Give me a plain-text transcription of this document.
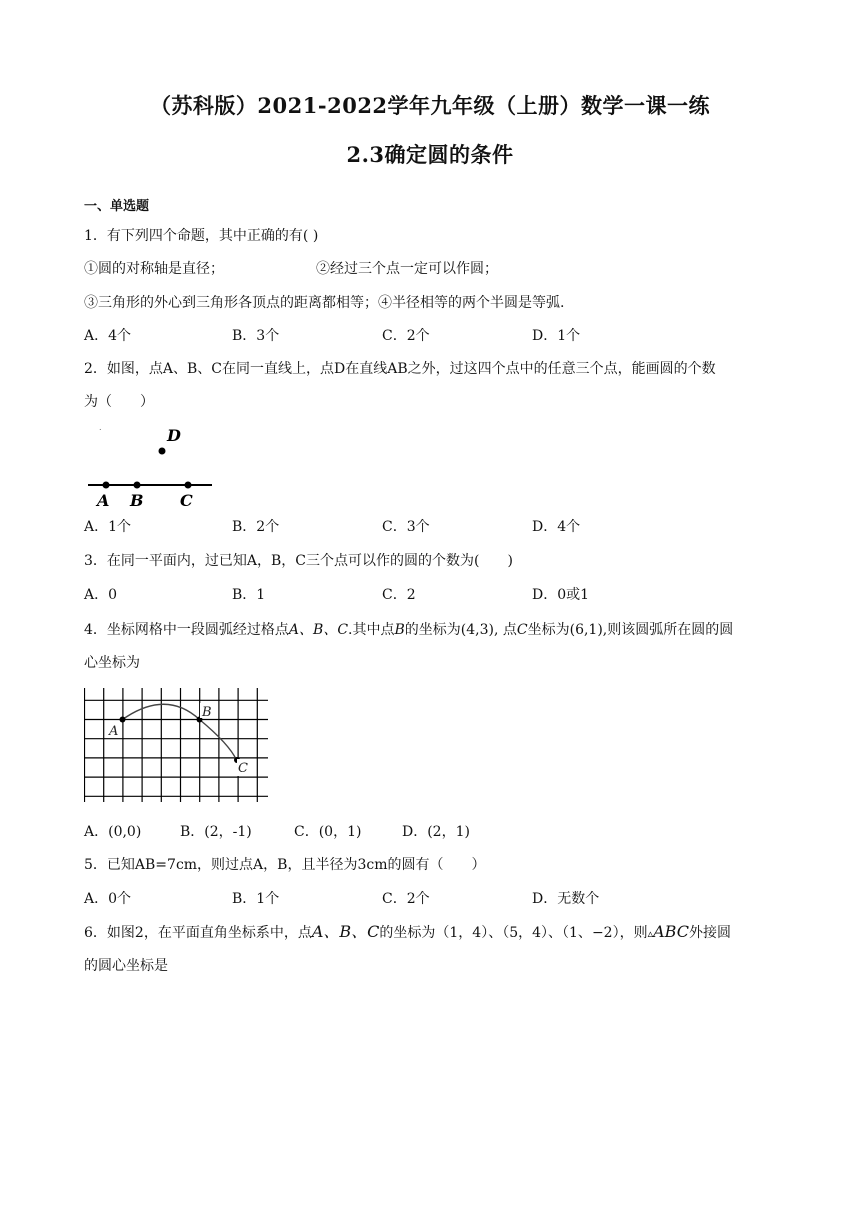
（苏科版）2021-2022学年九年级（上册）数学一课一练
2.3确定圆的条件
一、单选题
1．有下列四个命题，其中正确的有( )
①圆的对称轴是直径；	②经过三个点一定可以作圆；
③三角形的外心到三角形各顶点的距离都相等；④半径相等的两个半圆是等弧.
A．4个	B．3个	C．2个	D．1个
2．如图，点A、B、C在同一直线上，点D在直线AB之外，过这四个点中的任意三个点，能画圆的个数
为（　　）
.
A B C
D
A．1个	B．2个	C．3个	D．4个
3．在同一平面内，过已知A，B，C三个点可以作的圆的个数为(　　)
A．0	B．1	C．2	D．0或1
4．坐标网格中一段圆弧经过格点A、B、C.其中点B的坐标为(4,3), 点C坐标为(6,1),则该圆弧所在圆的圆
心坐标为
A
B
C
A．(0,0)	B．(2，-1)	C．(0，1)	D．(2，1)
5．已知AB=7cm，则过点A，B，且半径为3cm的圆有（　　）
A．0个	B．1个	C．2个	D．无数个
6．如图2，在平面直角坐标系中，点A、B、C的坐标为（1，4）、（5，4）、（1、−2），则▵ABC外接圆
的圆心坐标是
